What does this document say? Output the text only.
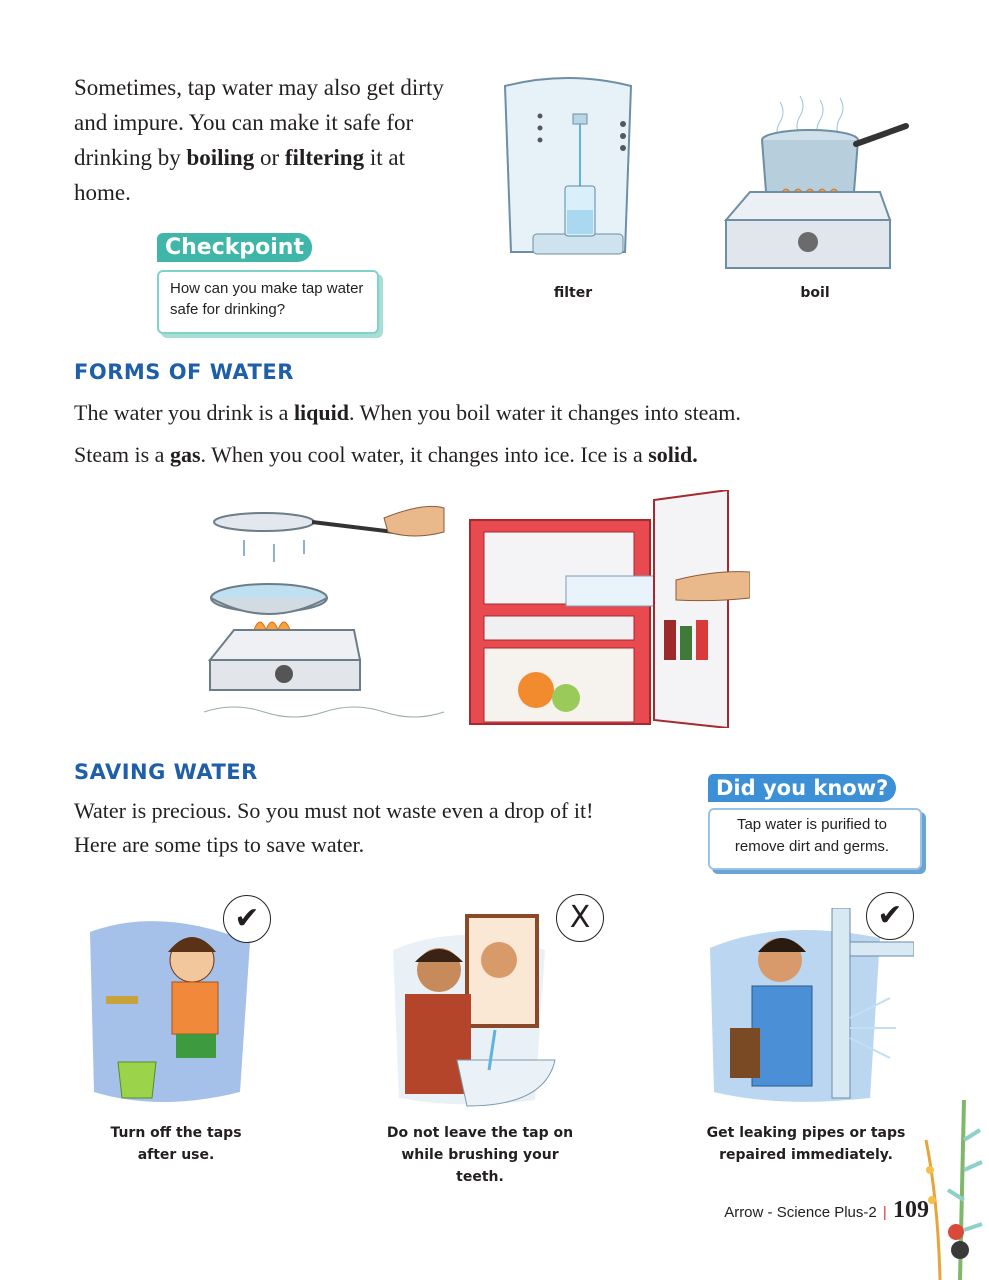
Sometimes, tap water may also get dirty and impure. You can make it safe for drinking by boiling or filtering it at home.
Checkpoint
How can you make tap water safe for drinking?
filter	boil
FORMS OF WATER
The water you drink is a liquid. When you boil water it changes into steam.
Steam is a gas. When you cool water, it changes into ice. Ice is a solid.
SAVING WATER
Water is precious. So you must not waste even a drop of it!
Here are some tips to save water.
Did you know?
Tap water is purified to remove dirt and germs.
✔
Turn off the taps
after use.
X
Do not leave the tap on
while brushing your teeth.
✔
Get leaking pipes or taps
repaired immediately.
Arrow - Science Plus-2 | 109
